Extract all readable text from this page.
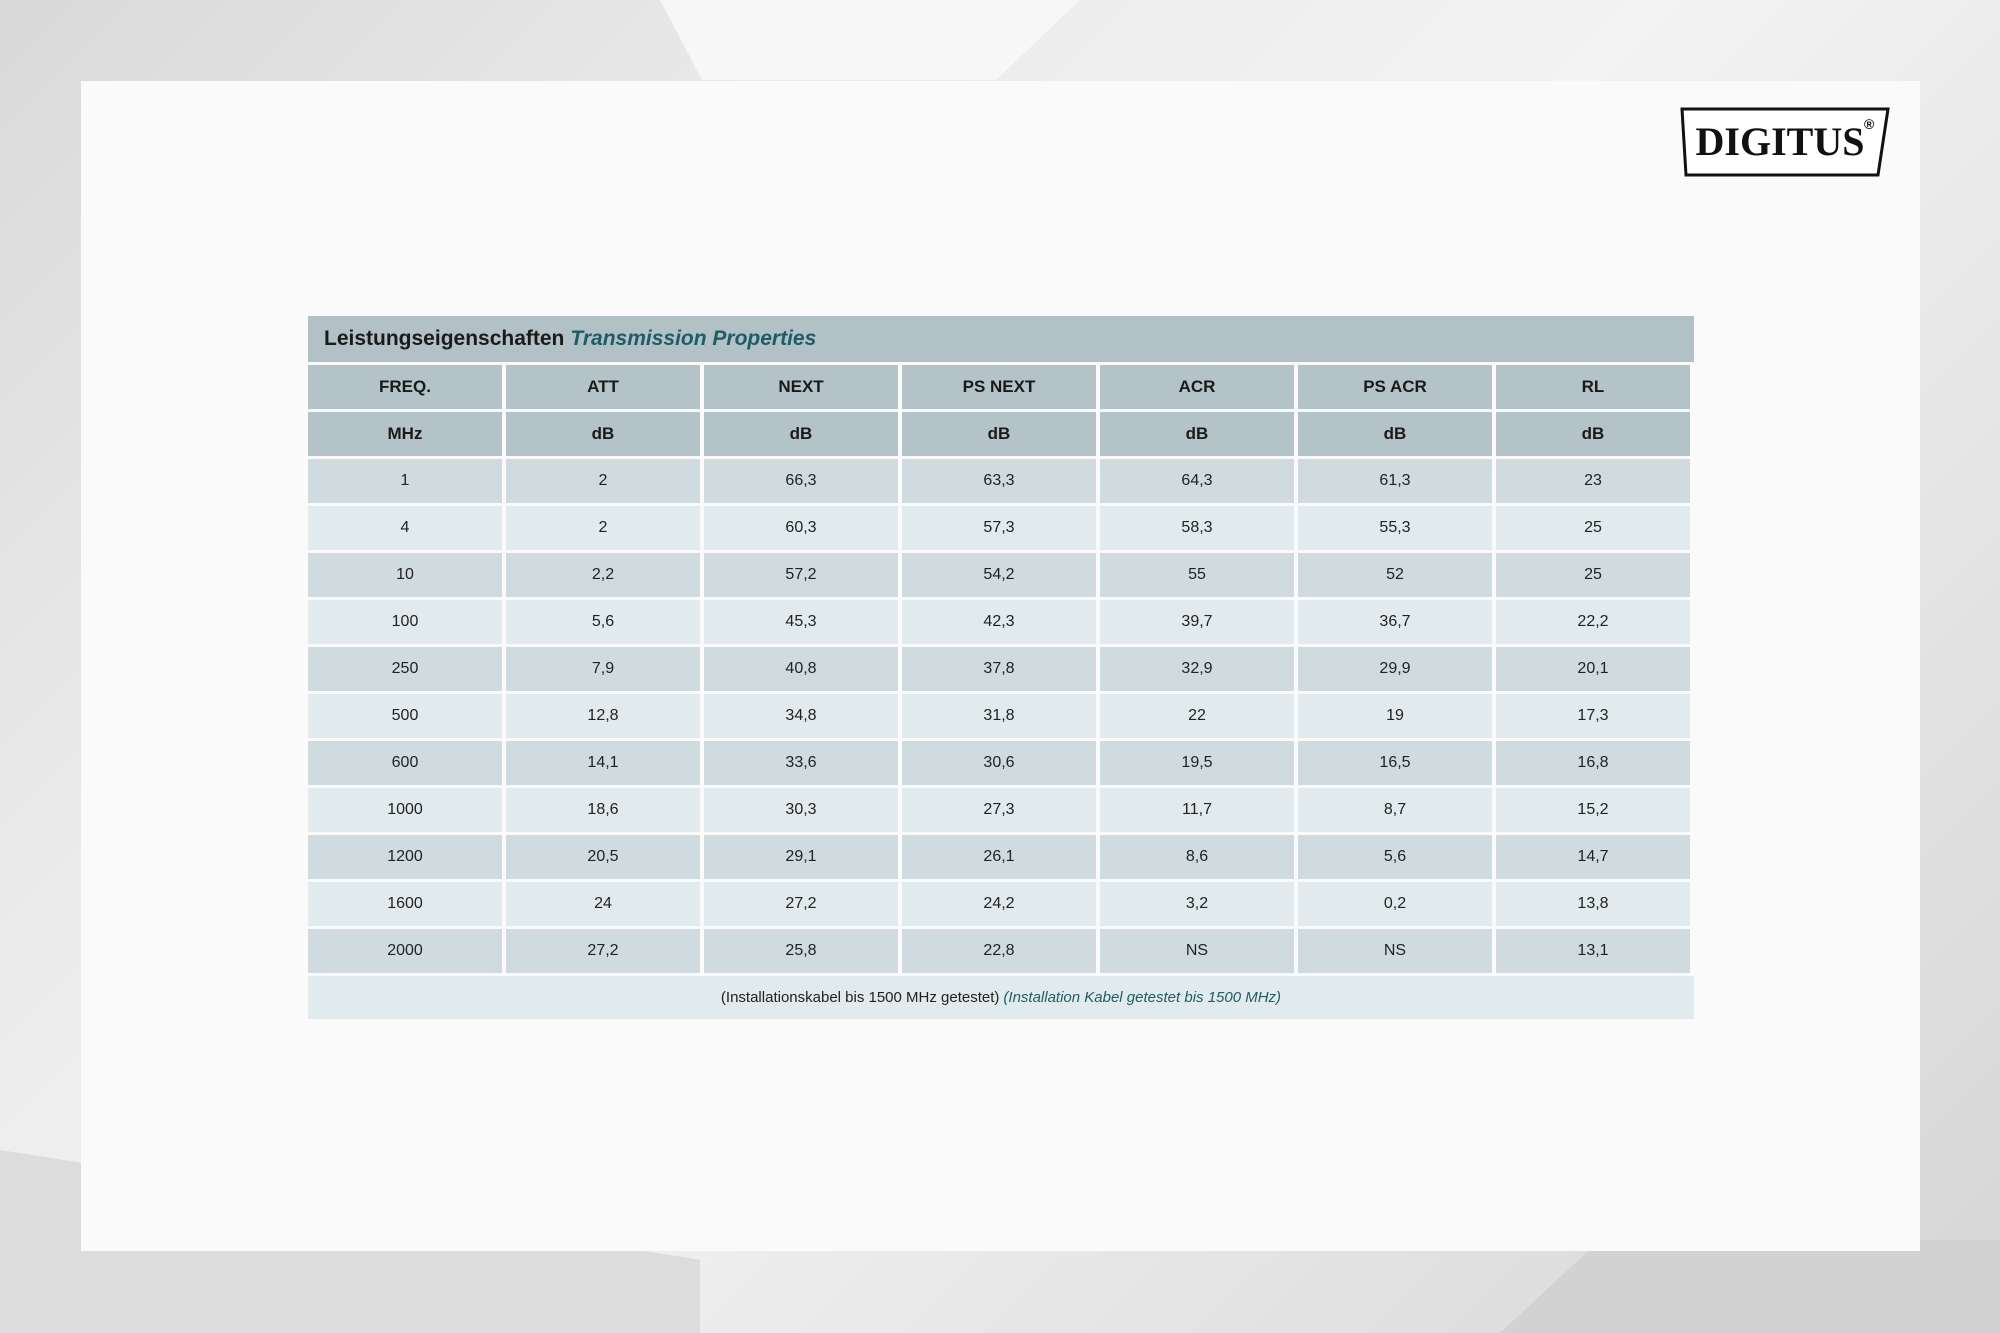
DIGITUS ®
Leistungseigenschaften Transmission Properties
FREQ.	ATT	NEXT	PS NEXT	ACR	PS ACR	RL
MHz	dB	dB	dB	dB	dB	dB
1	2	66,3	63,3	64,3	61,3	23
4	2	60,3	57,3	58,3	55,3	25
10	2,2	57,2	54,2	55	52	25
100	5,6	45,3	42,3	39,7	36,7	22,2
250	7,9	40,8	37,8	32,9	29,9	20,1
500	12,8	34,8	31,8	22	19	17,3
600	14,1	33,6	30,6	19,5	16,5	16,8
1000	18,6	30,3	27,3	11,7	8,7	15,2
1200	20,5	29,1	26,1	8,6	5,6	14,7
1600	24	27,2	24,2	3,2	0,2	13,8
2000	27,2	25,8	22,8	NS	NS	13,1
(Installationskabel bis 1500 MHz getestet) (Installation Kabel getestet bis 1500 MHz)
